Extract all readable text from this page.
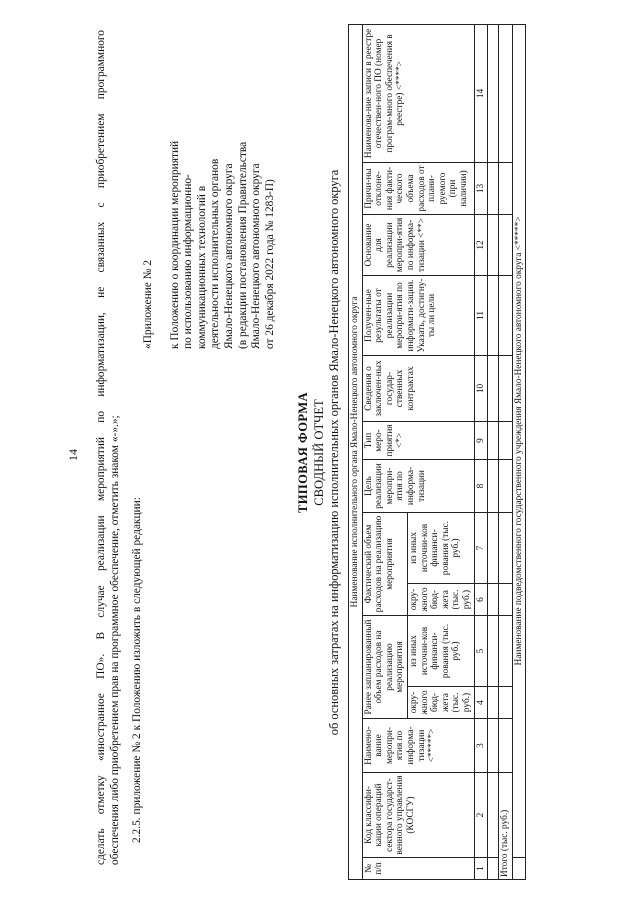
14 сделать отметку «иностранное ПО». В случае реализации мероприятий по информатизации, не связанных с приобретением программного обеспечения либо приобретением прав на программное обеспечение, отметить знаком «-».»; 2.2.5. приложение № 2 к Положению изложить в следующей редакции:
«Приложение № 2 к Положению о координации мероприятий по использованию информационно- коммуникационных технологий в деятельности исполнительных органов Ямало-Ненецкого автономного округа (в редакции постановления Правительства Ямало-Ненецкого автономного округа от 26 декабря 2022 года № 1283-П)
ТИПОВАЯ ФОРМА СВОДНЫЙ ОТЧЕТ об основных затратах на информатизацию исполнительных органов Ямало-Ненецкого автономного округа Наименование исполнительного органа Ямало-Ненецкого автономного округа													
№ п/п	Код классифи-кации операций сектора государст-венного управления (КОСГУ)	Наимено-вание меропри-ятия по информа-тизации <*****>	Ранее запланированный объем расходов на реализацию мероприятия		Фактический объем расходов на реализацию мероприятия		Цель реализации меропри-ятия по информа-тизации	Тип меро-приятия <*>	Сведения о заключен-ных государ-ственных контрактах	Получен-ные результаты от реализации меропри-ятия по информати-зации. Указать, достигну-ты ли цели	Основание для реализации меропри-ятия по информа-тизации <**>	Причи-ны отклоне-ния факти-ческого объема расходов от плани-руемого (при наличии)	Наименова-ние записи в реестре отечествен-ного ПО (номер програм-много обеспечения в реестре) <****>
			окру-жного бюд-жета (тыс. руб.)	из иных источни-ков финанси-рования (тыс. руб.)	окру-жного бюд-жета (тыс. руб.)	из иных источни-ков финанси-рования (тыс. руб.)							
1	2	3	4	5	6	7	8	9	10	11	12	13	14

Итого (тыс. руб.)													
	Наименование подведомственного государственного учреждения Ямало-Ненецкого автономного округа <*****>												
